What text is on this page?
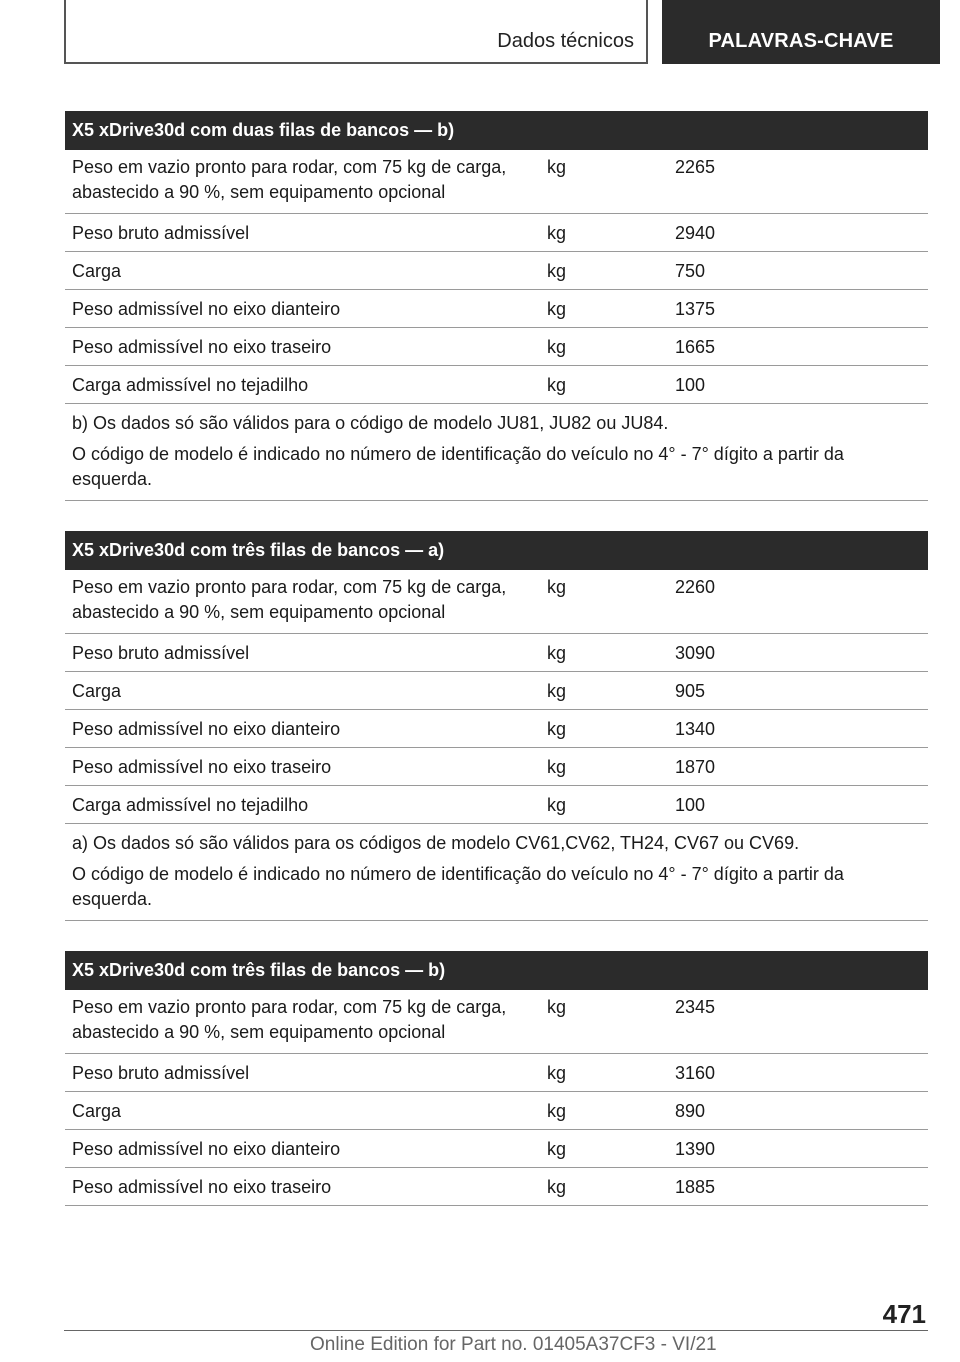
Dados técnicos	PALAVRAS-CHAVE
X5 xDrive30d com duas filas de bancos — b)
Peso em vazio pronto para rodar, com 75 kg de carga, abastecido a 90 %, sem equipamento opcional
kg	2265
Peso bruto admissível	kg	2940
Carga	kg	750
Peso admissível no eixo dianteiro	kg	1375
Peso admissível no eixo traseiro	kg	1665
Carga admissível no tejadilho	kg	100

b) Os dados só são válidos para o código de modelo JU81, JU82 ou JU84.

O código de modelo é indicado no número de identificação do veículo no 4° - 7° dígito a partir da esquerda.

X5 xDrive30d com três filas de bancos — a)
Peso em vazio pronto para rodar, com 75 kg de carga, abastecido a 90 %, sem equipamento opcional
kg	2260
Peso bruto admissível	kg	3090
Carga	kg	905
Peso admissível no eixo dianteiro	kg	1340
Peso admissível no eixo traseiro	kg	1870
Carga admissível no tejadilho	kg	100

a) Os dados só são válidos para os códigos de modelo CV61,CV62, TH24, CV67 ou CV69.

O código de modelo é indicado no número de identificação do veículo no 4° - 7° dígito a partir da esquerda.

X5 xDrive30d com três filas de bancos — b)
Peso em vazio pronto para rodar, com 75 kg de carga, abastecido a 90 %, sem equipamento opcional
kg	2345
Peso bruto admissível	kg	3160
Carga	kg	890
Peso admissível no eixo dianteiro	kg	1390
Peso admissível no eixo traseiro	kg	1885
471
Online Edition for Part no. 01405A37CF3 - VI/21
